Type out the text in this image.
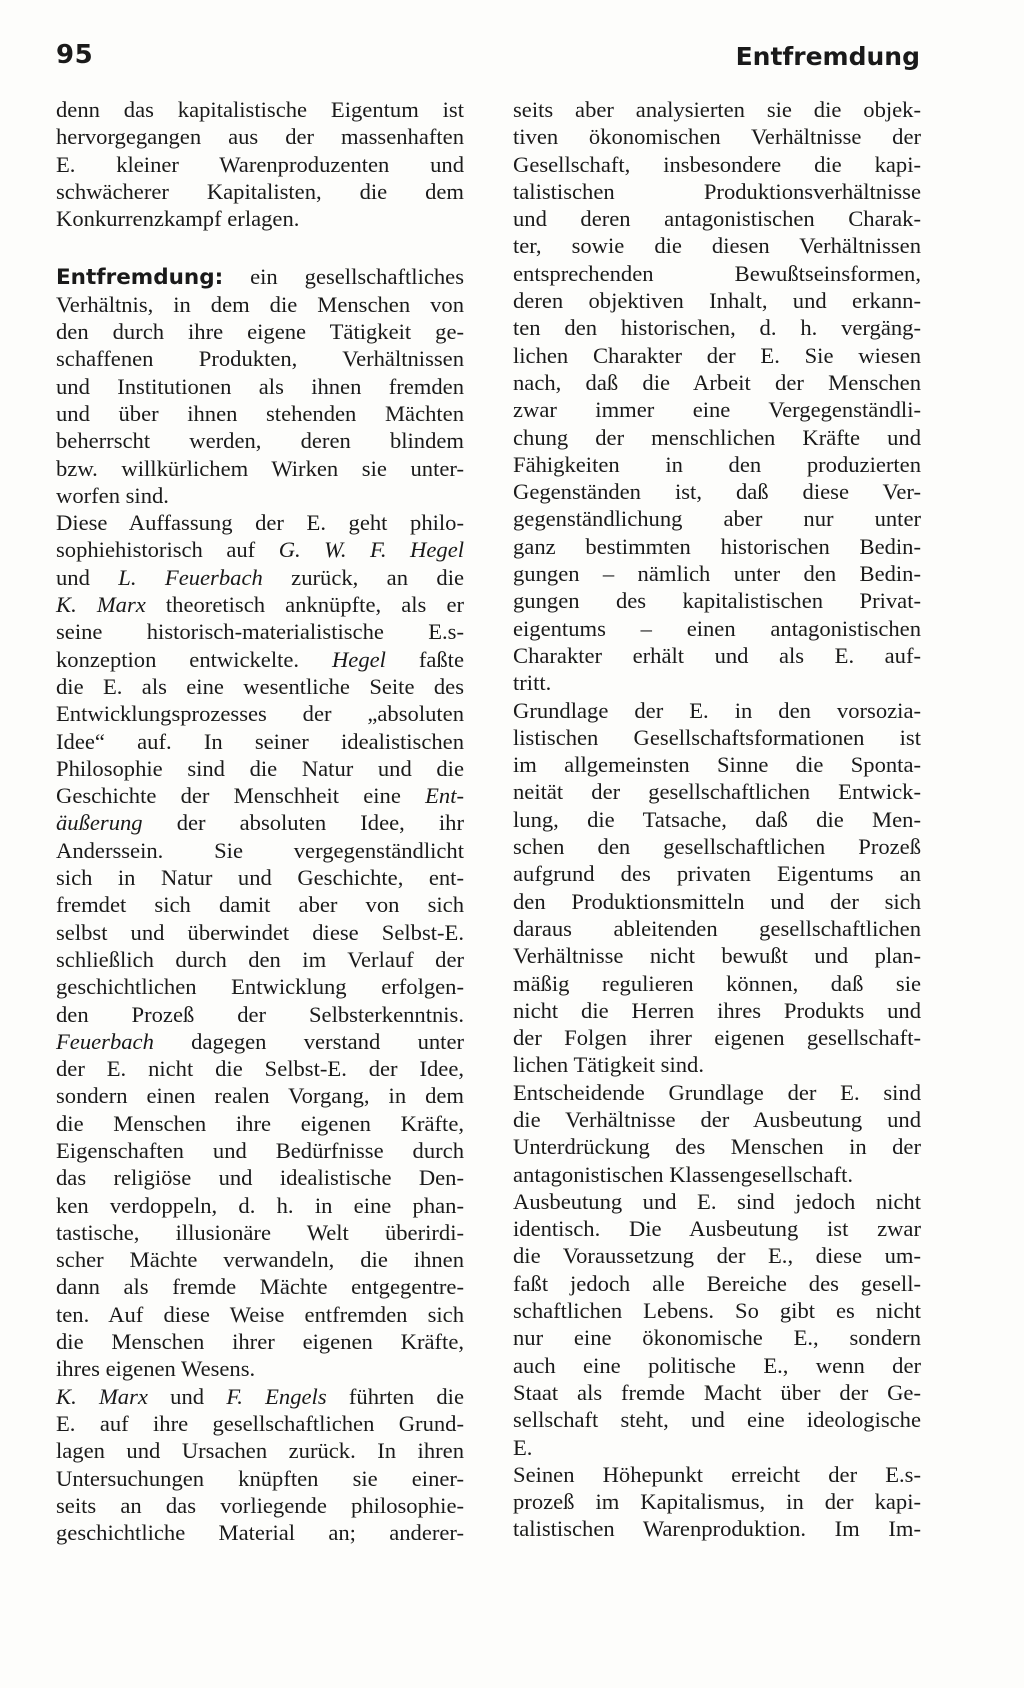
95	Entfremdung
denn das kapitalistische Eigentum ist
hervorgegangen aus der massenhaften
E. kleiner Warenproduzenten und
schwächerer Kapitalisten, die dem
Konkurrenzkampf erlagen.
Entfremdung: ein gesellschaftliches
Verhältnis, in dem die Menschen von
den durch ihre eigene Tätigkeit ge-
schaffenen Produkten, Verhältnissen
und Institutionen als ihnen fremden
und über ihnen stehenden Mächten
beherrscht werden, deren blindem
bzw. willkürlichem Wirken sie unter-
worfen sind.
Diese Auffassung der E. geht philo-
sophiehistorisch auf G. W. F. Hegel
und L. Feuerbach zurück, an die
K. Marx theoretisch anknüpfte, als er
seine historisch-materialistische E.s-
konzeption entwickelte. Hegel faßte
die E. als eine wesentliche Seite des
Entwicklungsprozesses der „absoluten
Idee“ auf. In seiner idealistischen
Philosophie sind die Natur und die
Geschichte der Menschheit eine Ent-
äußerung der absoluten Idee, ihr
Anderssein. Sie vergegenständlicht
sich in Natur und Geschichte, ent-
fremdet sich damit aber von sich
selbst und überwindet diese Selbst-E.
schließlich durch den im Verlauf der
geschichtlichen Entwicklung erfolgen-
den Prozeß der Selbsterkenntnis.
Feuerbach dagegen verstand unter
der E. nicht die Selbst-E. der Idee,
sondern einen realen Vorgang, in dem
die Menschen ihre eigenen Kräfte,
Eigenschaften und Bedürfnisse durch
das religiöse und idealistische Den-
ken verdoppeln, d. h. in eine phan-
tastische, illusionäre Welt überirdi-
scher Mächte verwandeln, die ihnen
dann als fremde Mächte entgegentre-
ten. Auf diese Weise entfremden sich
die Menschen ihrer eigenen Kräfte,
ihres eigenen Wesens.
K. Marx und F. Engels führten die
E. auf ihre gesellschaftlichen Grund-
lagen und Ursachen zurück. In ihren
Untersuchungen knüpften sie einer-
seits an das vorliegende philosophie-
geschichtliche Material an; anderer-
seits aber analysierten sie die objek-
tiven ökonomischen Verhältnisse der
Gesellschaft, insbesondere die kapi-
talistischen Produktionsverhältnisse
und deren antagonistischen Charak-
ter, sowie die diesen Verhältnissen
entsprechenden Bewußtseinsformen,
deren objektiven Inhalt, und erkann-
ten den historischen, d. h. vergäng-
lichen Charakter der E. Sie wiesen
nach, daß die Arbeit der Menschen
zwar immer eine Vergegenständli-
chung der menschlichen Kräfte und
Fähigkeiten in den produzierten
Gegenständen ist, daß diese Ver-
gegenständlichung aber nur unter
ganz bestimmten historischen Bedin-
gungen – nämlich unter den Bedin-
gungen des kapitalistischen Privat-
eigentums – einen antagonistischen
Charakter erhält und als E. auf-
tritt.
Grundlage der E. in den vorsozia-
listischen Gesellschaftsformationen ist
im allgemeinsten Sinne die Sponta-
neität der gesellschaftlichen Entwick-
lung, die Tatsache, daß die Men-
schen den gesellschaftlichen Prozeß
aufgrund des privaten Eigentums an
den Produktionsmitteln und der sich
daraus ableitenden gesellschaftlichen
Verhältnisse nicht bewußt und plan-
mäßig regulieren können, daß sie
nicht die Herren ihres Produkts und
der Folgen ihrer eigenen gesellschaft-
lichen Tätigkeit sind.
Entscheidende Grundlage der E. sind
die Verhältnisse der Ausbeutung und
Unterdrückung des Menschen in der
antagonistischen Klassengesellschaft.
Ausbeutung und E. sind jedoch nicht
identisch. Die Ausbeutung ist zwar
die Voraussetzung der E., diese um-
faßt jedoch alle Bereiche des gesell-
schaftlichen Lebens. So gibt es nicht
nur eine ökonomische E., sondern
auch eine politische E., wenn der
Staat als fremde Macht über der Ge-
sellschaft steht, und eine ideologische
E.
Seinen Höhepunkt erreicht der E.s-
prozeß im Kapitalismus, in der kapi-
talistischen Warenproduktion. Im Im-
